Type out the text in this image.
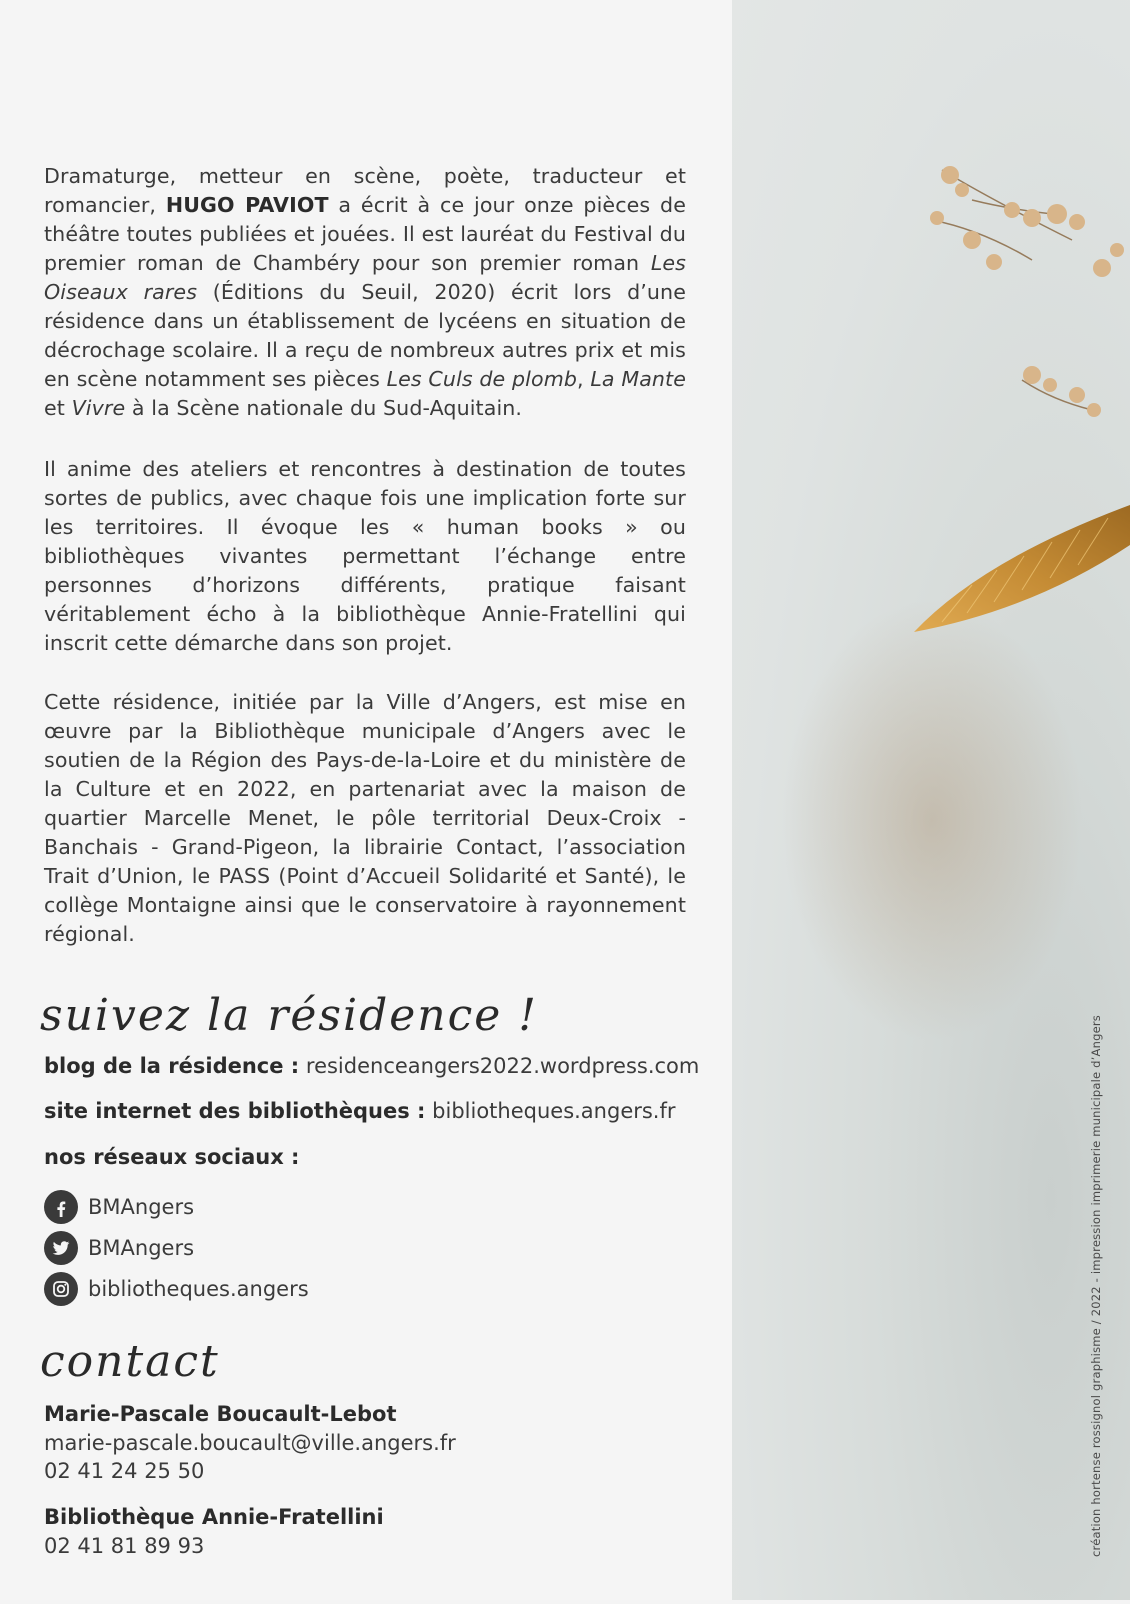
Dramaturge, metteur en scène, poète, traducteur et romancier, HUGO PAVIOT a écrit à ce jour onze pièces de théâtre toutes publiées et jouées. Il est lauréat du Festival du premier roman de Chambéry pour son premier roman Les Oiseaux rares (Éditions du Seuil, 2020) écrit lors d’une résidence dans un établissement de lycéens en situation de décrochage scolaire. Il a reçu de nombreux autres prix et mis en scène notamment ses pièces Les Culs de plomb, La Mante et Vivre à la Scène nationale du Sud-Aquitain.

Il anime des ateliers et rencontres à destination de toutes sortes de publics, avec chaque fois une implication forte sur les territoires. Il évoque les « human books » ou bibliothèques vivantes permettant l’échange entre personnes d’horizons différents, pratique faisant véritablement écho à la bibliothèque Annie-Fratellini qui inscrit cette démarche dans son projet.

Cette résidence, initiée par la Ville d’Angers, est mise en œuvre par la Bibliothèque municipale d’Angers avec le soutien de la Région des Pays-de-la-Loire et du ministère de la Culture et en 2022, en partenariat avec la maison de quartier Marcelle Menet, le pôle territorial Deux-Croix - Banchais - Grand-Pigeon, la librairie Contact, l’association Trait d’Union, le PASS (Point d’Accueil Solidarité et Santé), le collège Montaigne ainsi que le conservatoire à rayonnement régional.

suivez la résidence !
blog de la résidence : residenceangers2022.wordpress.com
site internet des bibliothèques : bibliotheques.angers.fr
nos réseaux sociaux :
BMAngers
BMAngers
bibliotheques.angers
contact
Marie-Pascale Boucault-Lebot
marie-pascale.boucault@ville.angers.fr
02 41 24 25 50
Bibliothèque Annie-Fratellini
02 41 81 89 93	création hortense rossignol graphisme / 2022 - impression imprimerie municipale d’Angers
